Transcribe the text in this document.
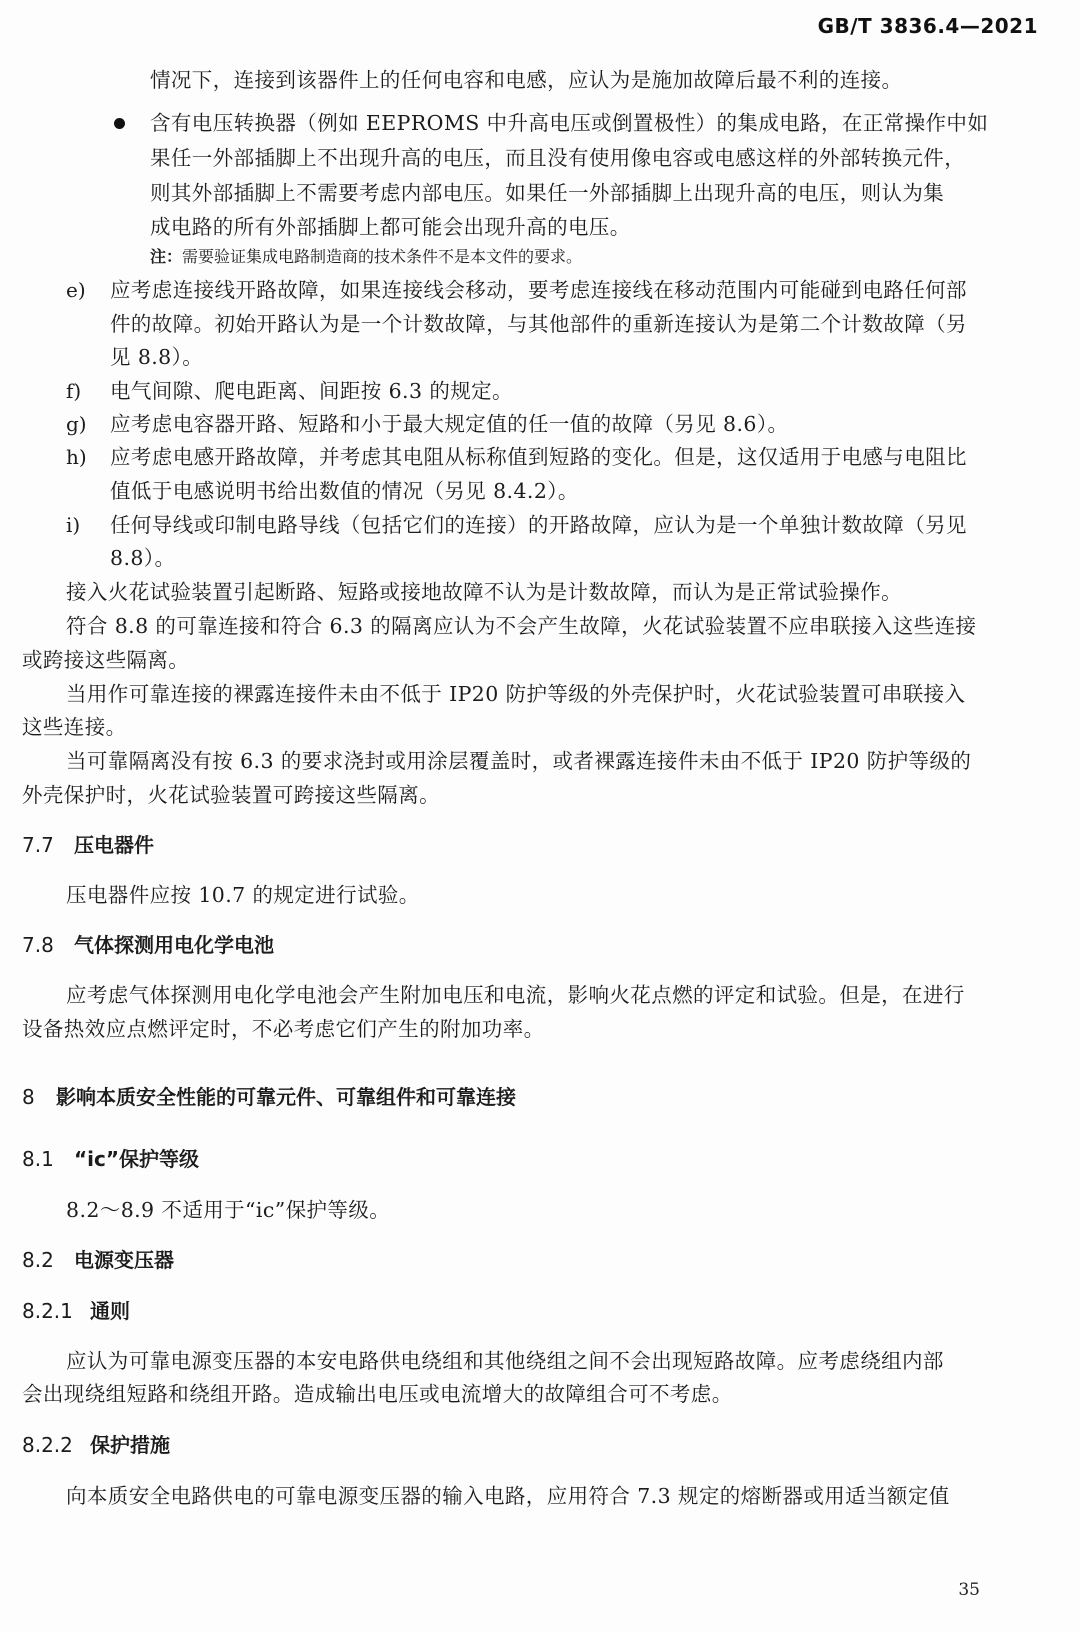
GB/T 3836.4—2021
情况下，连接到该器件上的任何电容和电感，应认为是施加故障后最不利的连接。
含有电压转换器（例如 EEPROMS 中升高电压或倒置极性）的集成电路，在正常操作中如
果任一外部插脚上不出现升高的电压，而且没有使用像电容或电感这样的外部转换元件，
则其外部插脚上不需要考虑内部电压。如果任一外部插脚上出现升高的电压，则认为集
成电路的所有外部插脚上都可能会出现升高的电压。
注：需要验证集成电路制造商的技术条件不是本文件的要求。
e) 应考虑连接线开路故障，如果连接线会移动，要考虑连接线在移动范围内可能碰到电路任何部
件的故障。初始开路认为是一个计数故障，与其他部件的重新连接认为是第二个计数故障（另
见 8.8）。
f) 电气间隙、爬电距离、间距按 6.3 的规定。
g) 应考虑电容器开路、短路和小于最大规定值的任一值的故障（另见 8.6）。
h) 应考虑电感开路故障，并考虑其电阻从标称值到短路的变化。但是，这仅适用于电感与电阻比
值低于电感说明书给出数值的情况（另见 8.4.2）。
i) 任何导线或印制电路导线（包括它们的连接）的开路故障，应认为是一个单独计数故障（另见
8.8）。
接入火花试验装置引起断路、短路或接地故障不认为是计数故障，而认为是正常试验操作。
符合 8.8 的可靠连接和符合 6.3 的隔离应认为不会产生故障，火花试验装置不应串联接入这些连接
或跨接这些隔离。
当用作可靠连接的裸露连接件未由不低于 IP20 防护等级的外壳保护时，火花试验装置可串联接入
这些连接。
当可靠隔离没有按 6.3 的要求浇封或用涂层覆盖时，或者裸露连接件未由不低于 IP20 防护等级的
外壳保护时，火花试验装置可跨接这些隔离。
7.7 压电器件
压电器件应按 10.7 的规定进行试验。
7.8 气体探测用电化学电池
应考虑气体探测用电化学电池会产生附加电压和电流，影响火花点燃的评定和试验。但是，在进行
设备热效应点燃评定时，不必考虑它们产生的附加功率。
8 影响本质安全性能的可靠元件、可靠组件和可靠连接
8.1 “ic”保护等级
8.2～8.9 不适用于“ic”保护等级。
8.2 电源变压器
8.2.1 通则
应认为可靠电源变压器的本安电路供电绕组和其他绕组之间不会出现短路故障。应考虑绕组内部
会出现绕组短路和绕组开路。造成输出电压或电流增大的故障组合可不考虑。
8.2.2 保护措施
向本质安全电路供电的可靠电源变压器的输入电路，应用符合 7.3 规定的熔断器或用适当额定值
35
